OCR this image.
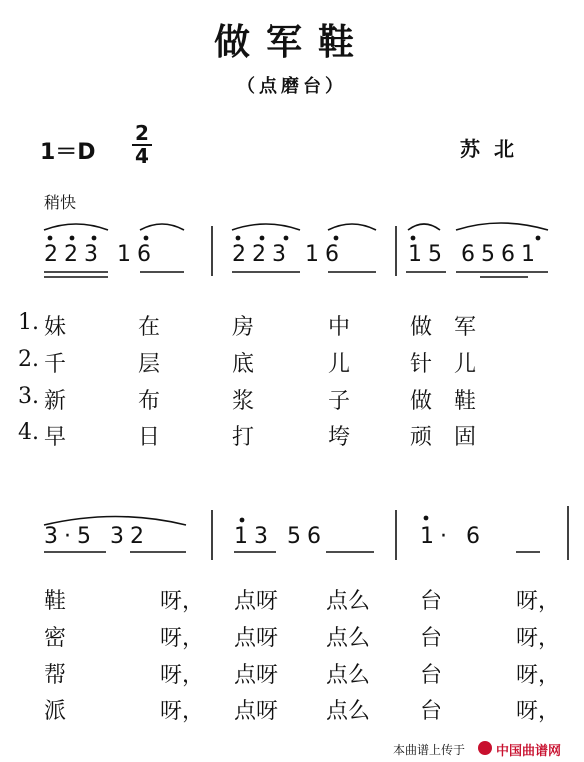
做军鞋
（点磨台）
1＝D
2
4	苏北
稍快
223 16	223 16	15 6561
3·5 32	13 56	1· 6
1.
2.
3.
4.
妹	在	房	中	做 军
千	层	底	儿	针 儿
新	布	浆	子	做 鞋
早	日	打	垮	顽 固
鞋	呀， 点呀 点么 台	呀，
密	呀， 点呀 点么 台	呀，
帮	呀， 点呀 点么 台	呀，
派	呀， 点呀 点么 台	呀，
本曲谱上传于 中国曲谱网
